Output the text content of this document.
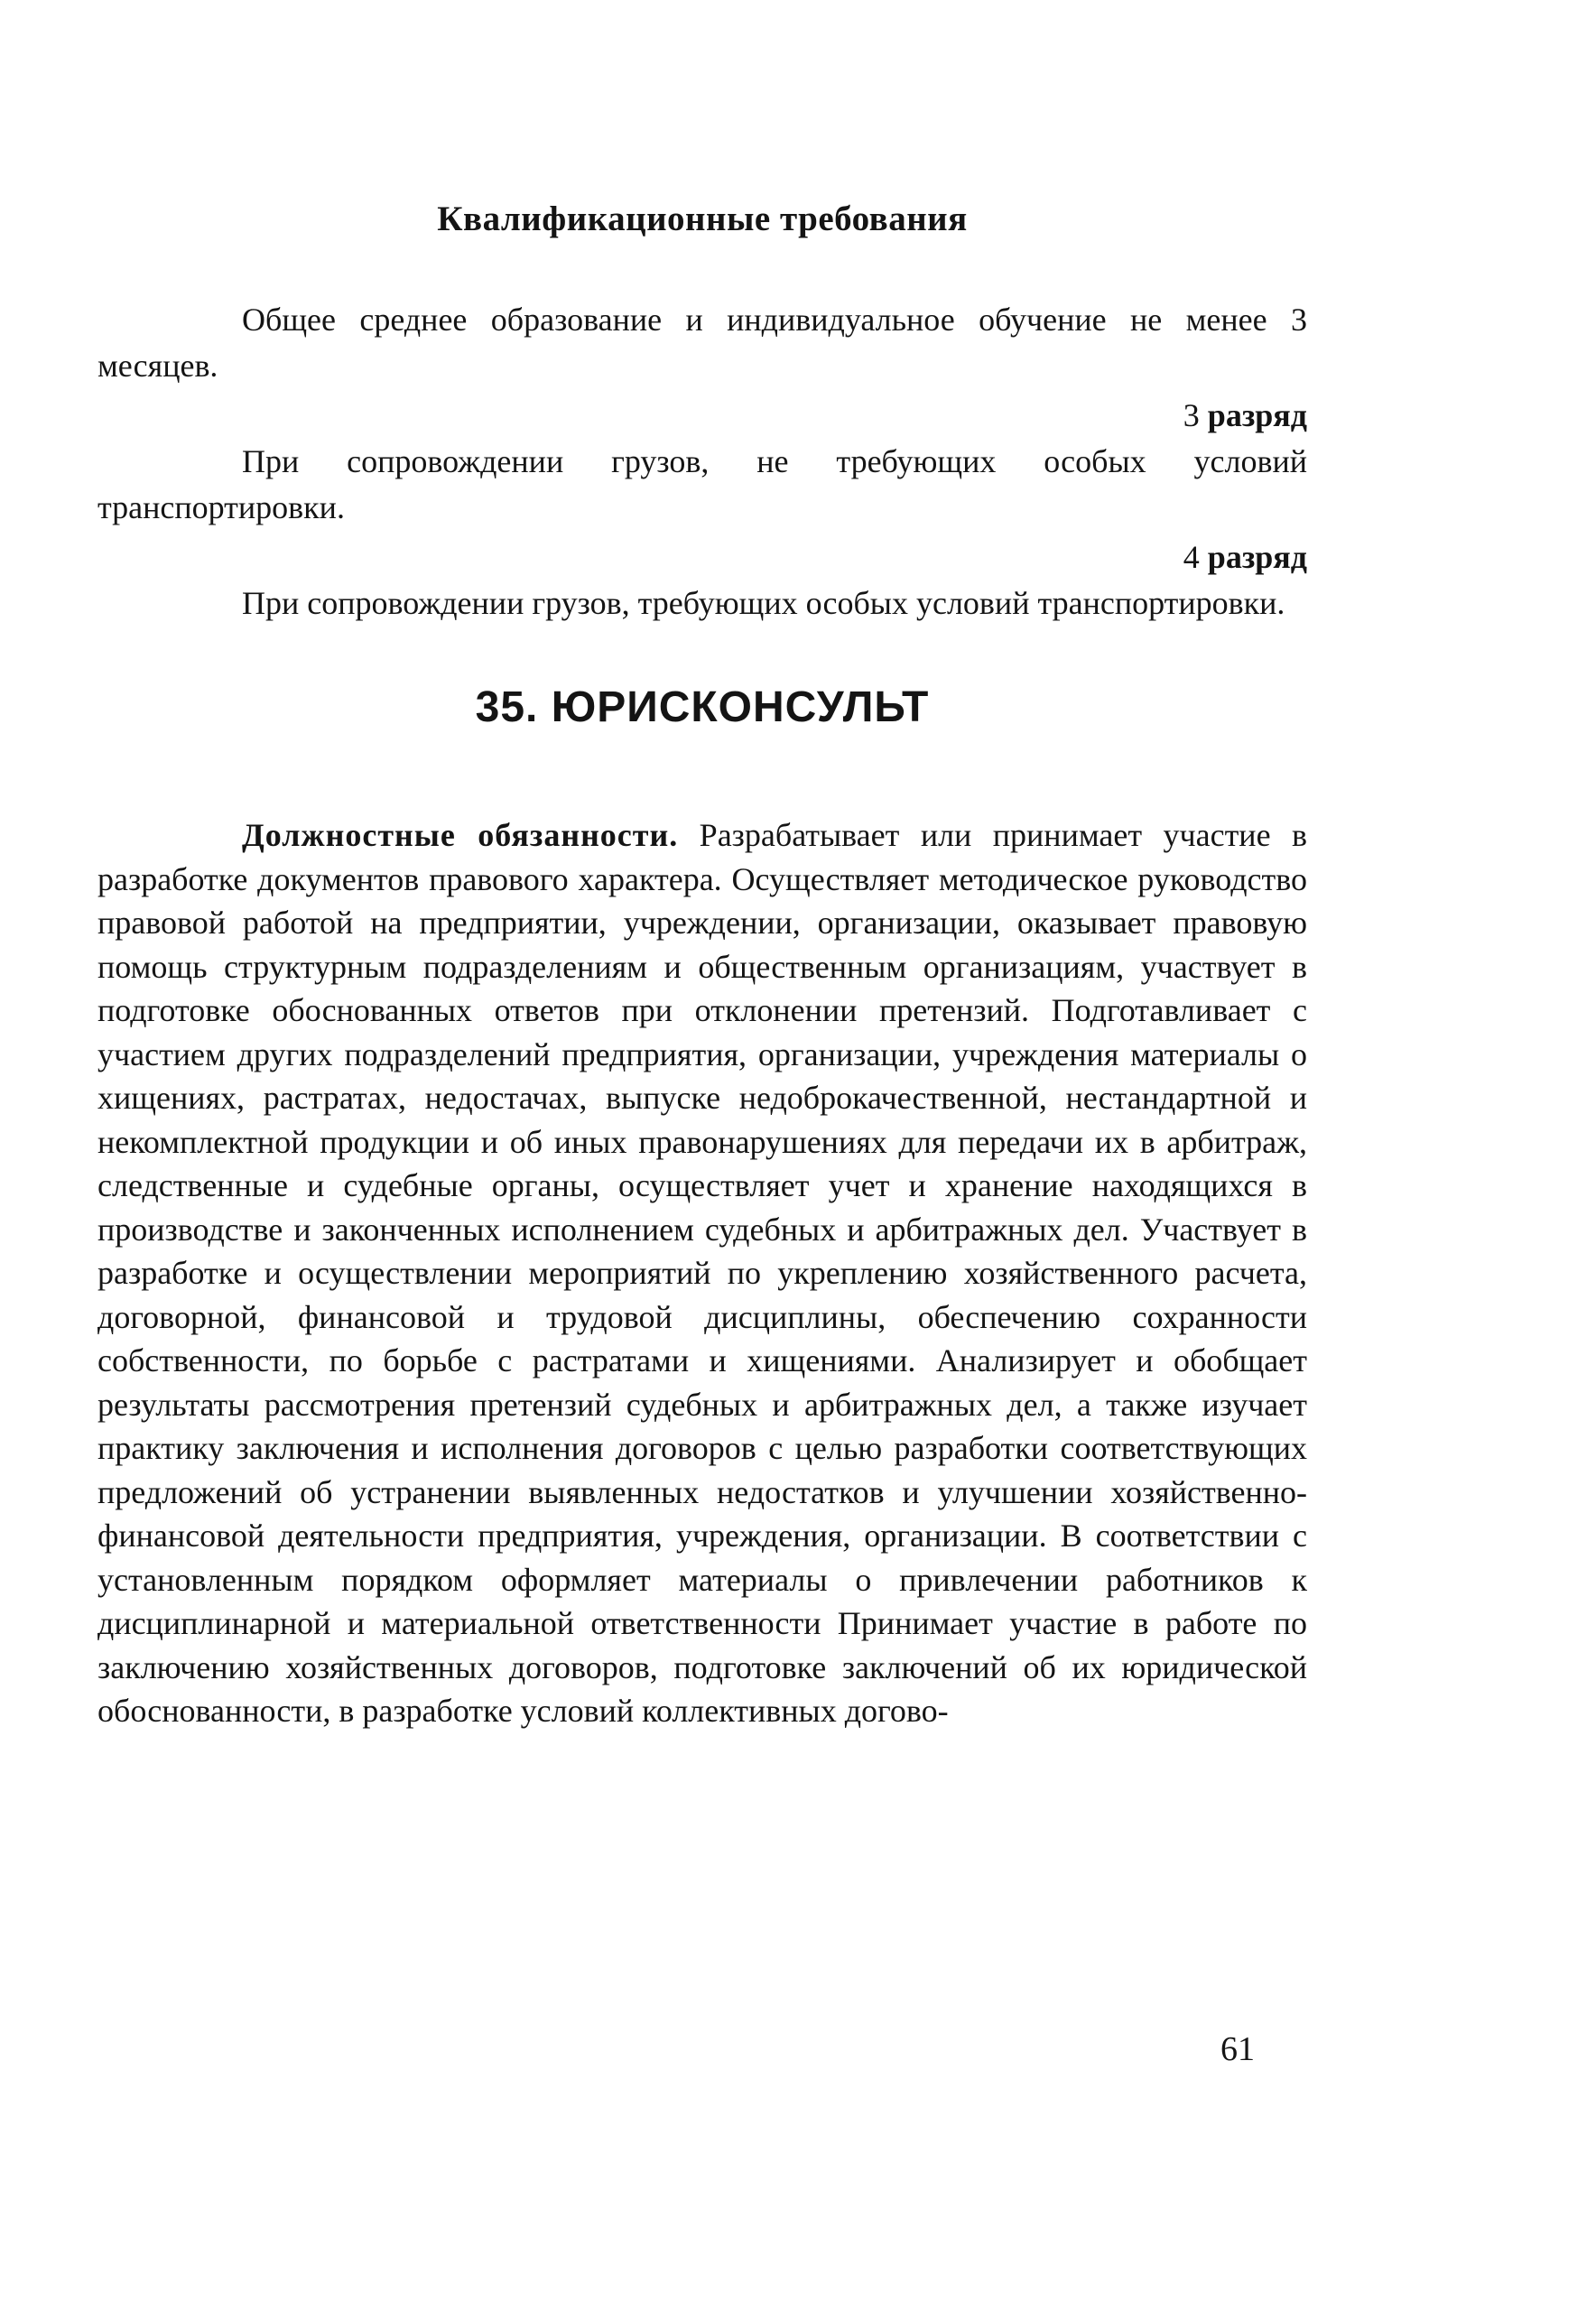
Квалификационные требования

Общее среднее образование и индивидуальное обучение не менее 3 месяцев.

3 разряд

При сопровождении грузов, не требующих особых условий транспортировки.

4 разряд

При сопровождении грузов, требующих особых условий транспортировки.

35. ЮРИСКОНСУЛЬТ

Должностные обязанности. Разрабатывает или принимает участие в разработке документов правового характера. Осуществляет методическое руководство правовой работой на предприятии, учреждении, организации, оказывает правовую помощь структурным подразделениям и общественным организациям, участвует в подготовке обоснованных ответов при отклонении претензий. Подготавливает с участием других подразделений предприятия, организации, учреждения материалы о хищениях, растратах, недостачах, выпуске недоброкачественной, нестандартной и некомплектной продукции и об иных правонарушениях для передачи их в арбитраж, следственные и судебные органы, осуществляет учет и хранение находящихся в производстве и законченных исполнением судебных и арбитражных дел. Участвует в разработке и осуществлении мероприятий по укреплению хозяйственного расчета, договорной, финансовой и трудовой дисциплины, обеспечению сохранности собственности, по борьбе с растратами и хищениями. Анализирует и обобщает результаты рассмотрения претензий судебных и арбитражных дел, а также изучает практику заключения и исполнения договоров с целью разработки соответствующих предложений об устранении выявленных недостатков и улучшении хозяйственно-финансовой деятельности предприятия, учреждения, организации. В соответствии с установленным порядком оформляет материалы о привлечении работников к дисциплинарной и материальной ответственности Принимает участие в работе по заключению хозяйственных договоров, подготовке заключений об их юридической обоснованности, в разработке условий коллективных догово-

61
